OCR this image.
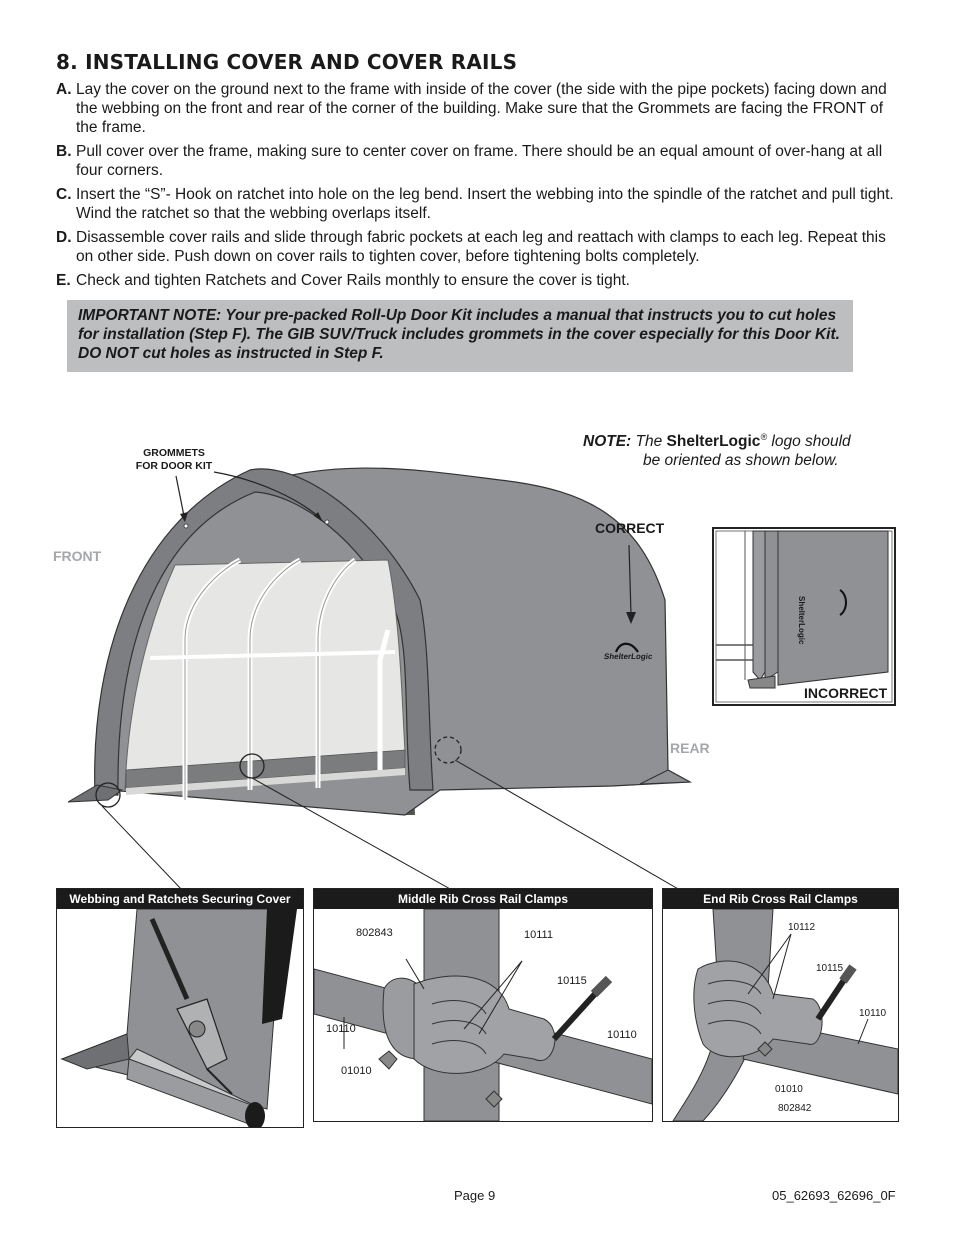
8. INSTALLING COVER AND COVER RAILS
A. Lay the cover on the ground next to the frame with inside of the cover (the side with the pipe pockets) facing down and the webbing on the front and rear of the corner of the building. Make sure that the Grommets are facing the FRONT of the frame.
B. Pull cover over the frame, making sure to center cover on frame. There should be an equal amount of over-hang at all four corners.
C. Insert the “S”- Hook on ratchet into hole on the leg bend. Insert the webbing into the spindle of the ratchet and pull tight. Wind the ratchet so that the webbing overlaps itself.
D. Disassemble cover rails and slide through fabric pockets at each leg and reattach with clamps to each leg. Repeat this on other side. Push down on cover rails to tighten cover, before tightening bolts completely.
E. Check and tighten Ratchets and Cover Rails monthly to ensure the cover is tight.
IMPORTANT NOTE: Your pre-packed Roll-Up Door Kit includes a manual that instructs you to cut holes for installation (Step F). The GIB SUV/Truck includes grommets in the cover especially for this Door Kit. DO NOT cut holes as instructed in Step F.
NOTE: The ShelterLogic® logo should
be oriented as shown below.
GROMMETS
FOR DOOR KIT
FRONT
REAR
CORRECT
INCORRECT
ShelterLogic
ShelterLogic
Webbing and Ratchets Securing Cover	Middle Rib Cross Rail Clamps
802843	10111
10115
10110	10110
01010
End Rib Cross Rail Clamps
10112
10115
10110
01010
802842
Page 9	05_62693_62696_0F
